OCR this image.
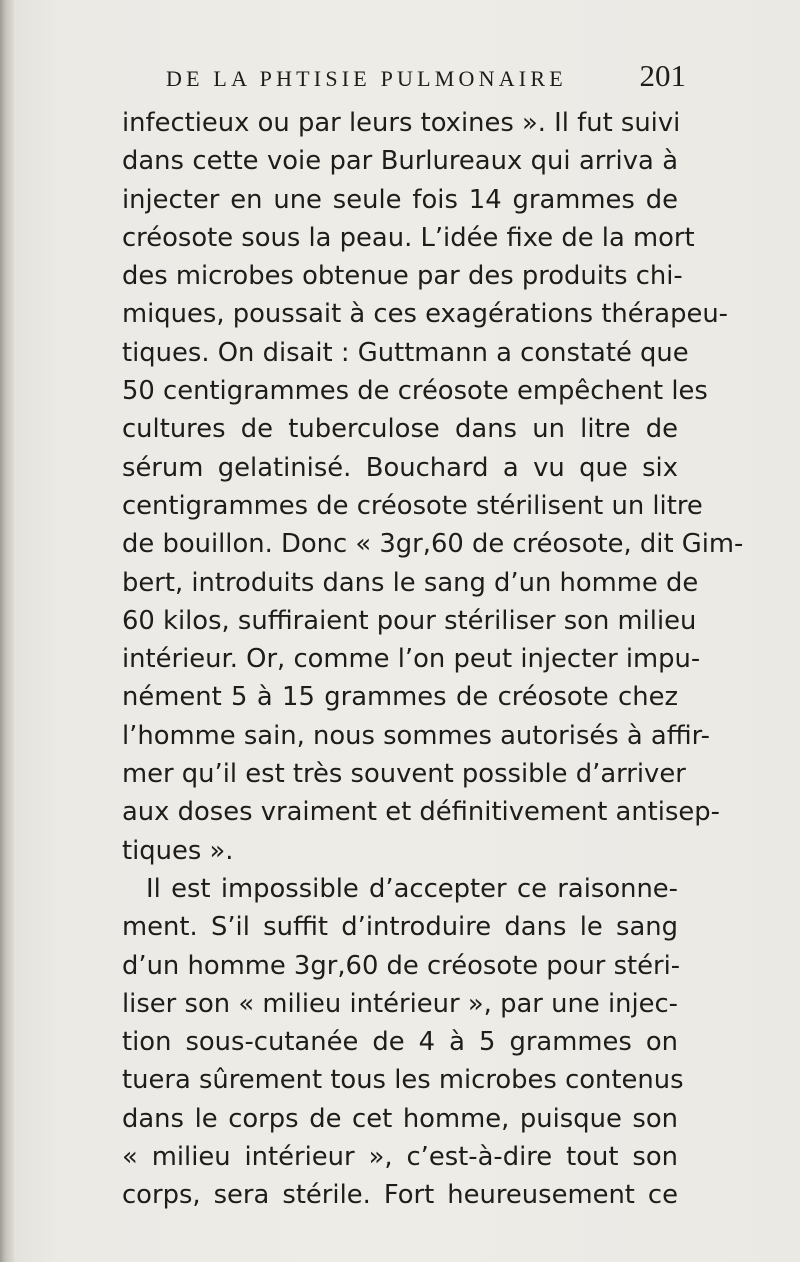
DE LA PHTISIE PULMONAIRE 201
infectieux ou par leurs toxines ». Il fut suivi
dans cette voie par Burlureaux qui arriva à
injecter en une seule fois 14 grammes de
créosote sous la peau. L’idée fixe de la mort
des microbes obtenue par des produits chi-
miques, poussait à ces exagérations thérapeu-
tiques. On disait : Guttmann a constaté que
50 centigrammes de créosote empêchent les
cultures de tuberculose dans un litre de
sérum gelatinisé. Bouchard a vu que six
centigrammes de créosote stérilisent un litre
de bouillon. Donc « 3gr,60 de créosote, dit Gim-
bert, introduits dans le sang d’un homme de
60 kilos, suffiraient pour stériliser son milieu
intérieur. Or, comme l’on peut injecter impu-
nément 5 à 15 grammes de créosote chez
l’homme sain, nous sommes autorisés à affir-
mer qu’il est très souvent possible d’arriver
aux doses vraiment et définitivement antisep-
tiques ».
Il est impossible d’accepter ce raisonne-
ment. S’il suffit d’introduire dans le sang
d’un homme 3gr,60 de créosote pour stéri-
liser son « milieu intérieur », par une injec-
tion sous-cutanée de 4 à 5 grammes on
tuera sûrement tous les microbes contenus
dans le corps de cet homme, puisque son
« milieu intérieur », c’est-à-dire tout son
corps, sera stérile. Fort heureusement ce
